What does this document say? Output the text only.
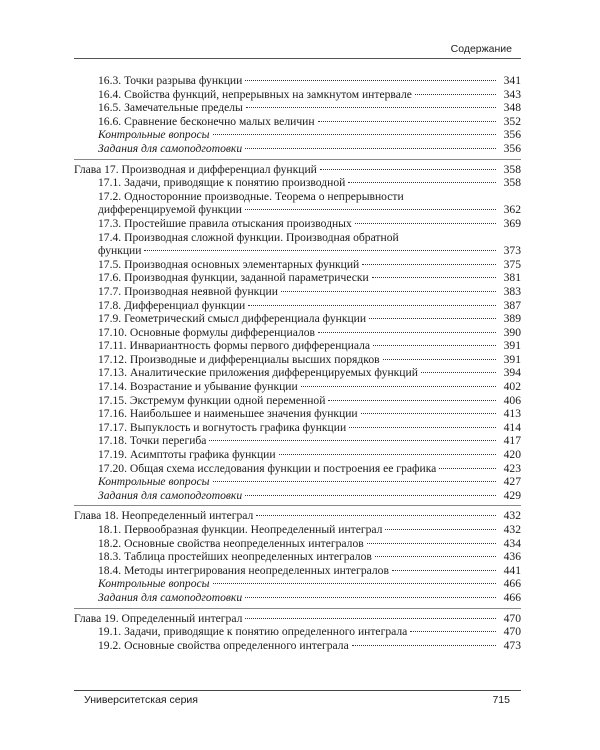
Содержание
16.3. Точки разрыва функции	341
16.4. Свойства функций, непрерывных на замкнутом интервале	343
16.5. Замечательные пределы	348
16.6. Сравнение бесконечно малых величин	352
Контрольные вопросы	356
Задания для самоподготовки	356
Глава 17. Производная и дифференциал функций	358
17.1. Задачи, приводящие к понятию производной	358
17.2. Односторонние производные. Теорема о непрерывности
дифференцируемой функции	362
17.3. Простейшие правила отыскания производных	369
17.4. Производная сложной функции. Производная обратной
функции	373
17.5. Производная основных элементарных функций	375
17.6. Производная функции, заданной параметрически	381
17.7. Производная неявной функции	383
17.8. Дифференциал функции	387
17.9. Геометрический смысл дифференциала функции	389
17.10. Основные формулы дифференциалов	390
17.11. Инвариантность формы первого дифференциала	391
17.12. Производные и дифференциалы высших порядков	391
17.13. Аналитические приложения дифференцируемых функций	394
17.14. Возрастание и убывание функции	402
17.15. Экстремум функции одной переменной	406
17.16. Наибольшее и наименьшее значения функции	413
17.17. Выпуклость и вогнутость графика функции	414
17.18. Точки перегиба	417
17.19. Асимптоты графика функции	420
17.20. Общая схема исследования функции и построения ее графика	423
Контрольные вопросы	427
Задания для самоподготовки	429
Глава 18. Неопределенный интеграл	432
18.1. Первообразная функции. Неопределенный интеграл	432
18.2. Основные свойства неопределенных интегралов	434
18.3. Таблица простейших неопределенных интегралов	436
18.4. Методы интегрирования неопределенных интегралов	441
Контрольные вопросы	466
Задания для самоподготовки	466
Глава 19. Определенный интеграл	470
19.1. Задачи, приводящие к понятию определенного интеграла	470
19.2. Основные свойства определенного интеграла	473
Университетская серия	715
